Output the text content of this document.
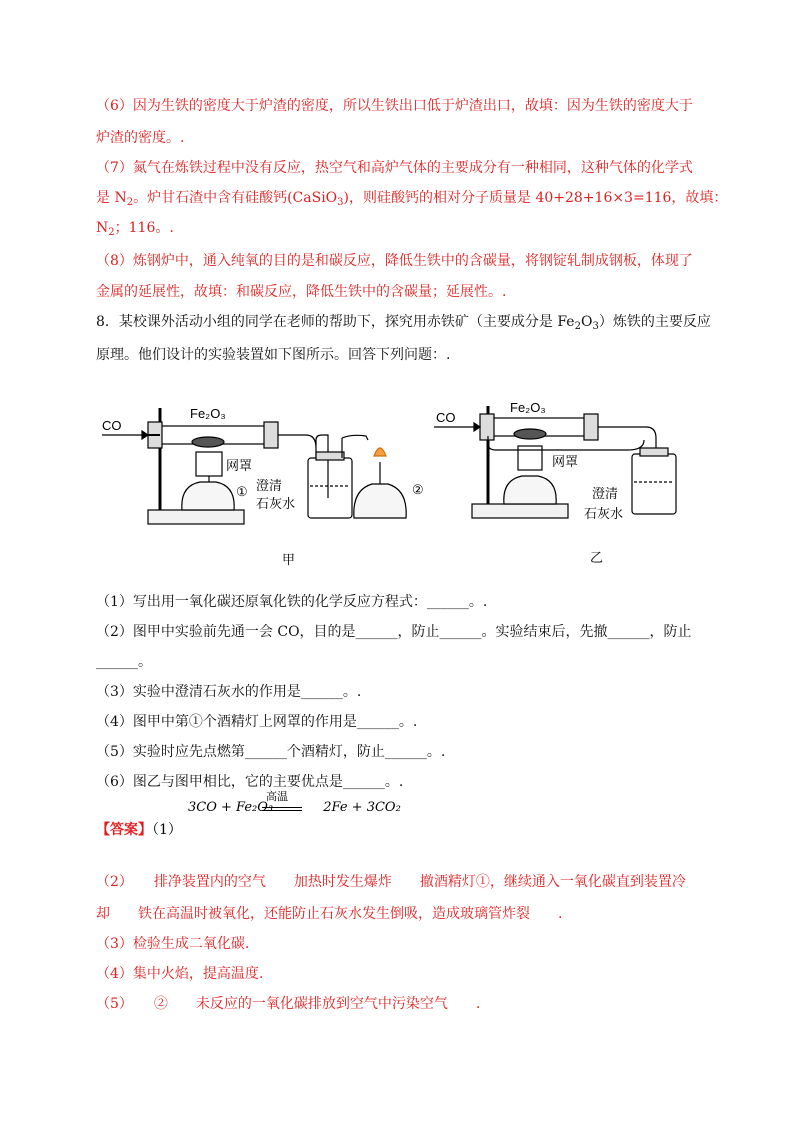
（6）因为生铁的密度大于炉渣的密度，所以生铁出口低于炉渣出口，故填：因为生铁的密度大于
炉渣的密度。.
（7）氮气在炼铁过程中没有反应，热空气和高炉气体的主要成分有一种相同，这种气体的化学式
是 $N_2$。炉甘石渣中含有硅酸钙(CaSiO$_3$)，则硅酸钙的相对分子质量是 40+28+16×3=116，故填：
$N_2$；116。.
（8）炼钢炉中，通入纯氧的目的是和碳反应，降低生铁中的含碳量，将钢锭轧制成钢板，体现了
金属的延展性，故填：和碳反应，降低生铁中的含碳量；延展性。.
8．某校课外活动小组的同学在老师的帮助下，探究用赤铁矿（主要成分是 $Fe_2O_3$）炼铁的主要反应
原理。他们设计的实验装置如下图所示。回答下列问题：.
CO
Fe₂O₃
网罩
① 澄清
石灰水
②
甲
CO
Fe₂O₃
网罩
澄清
石灰水
乙
（1）写出用一氧化碳还原氧化铁的化学反应方程式：______。.
（2）图甲中实验前先通一会 CO，目的是______，防止______。实验结束后，先撤______，防止
______。
（3）实验中澄清石灰水的作用是______。.
（4）图甲中第①个酒精灯上网罩的作用是______。.
（5）实验时应先点燃第______个酒精灯，防止______。.
（6）图乙与图甲相比，它的主要优点是______。.
【答案】（1）
3CO + Fe₂O₃
高温
2Fe + 3CO₂
（2）　　排净装置内的空气　　加热时发生爆炸　　撤酒精灯①，继续通入一氧化碳直到装置冷
却　　铁在高温时被氧化，还能防止石灰水发生倒吸，造成玻璃管炸裂　　.
（3）检验生成二氧化碳.
（4）集中火焰，提高温度.
（5）　　②　　未反应的一氧化碳排放到空气中污染空气　　.
